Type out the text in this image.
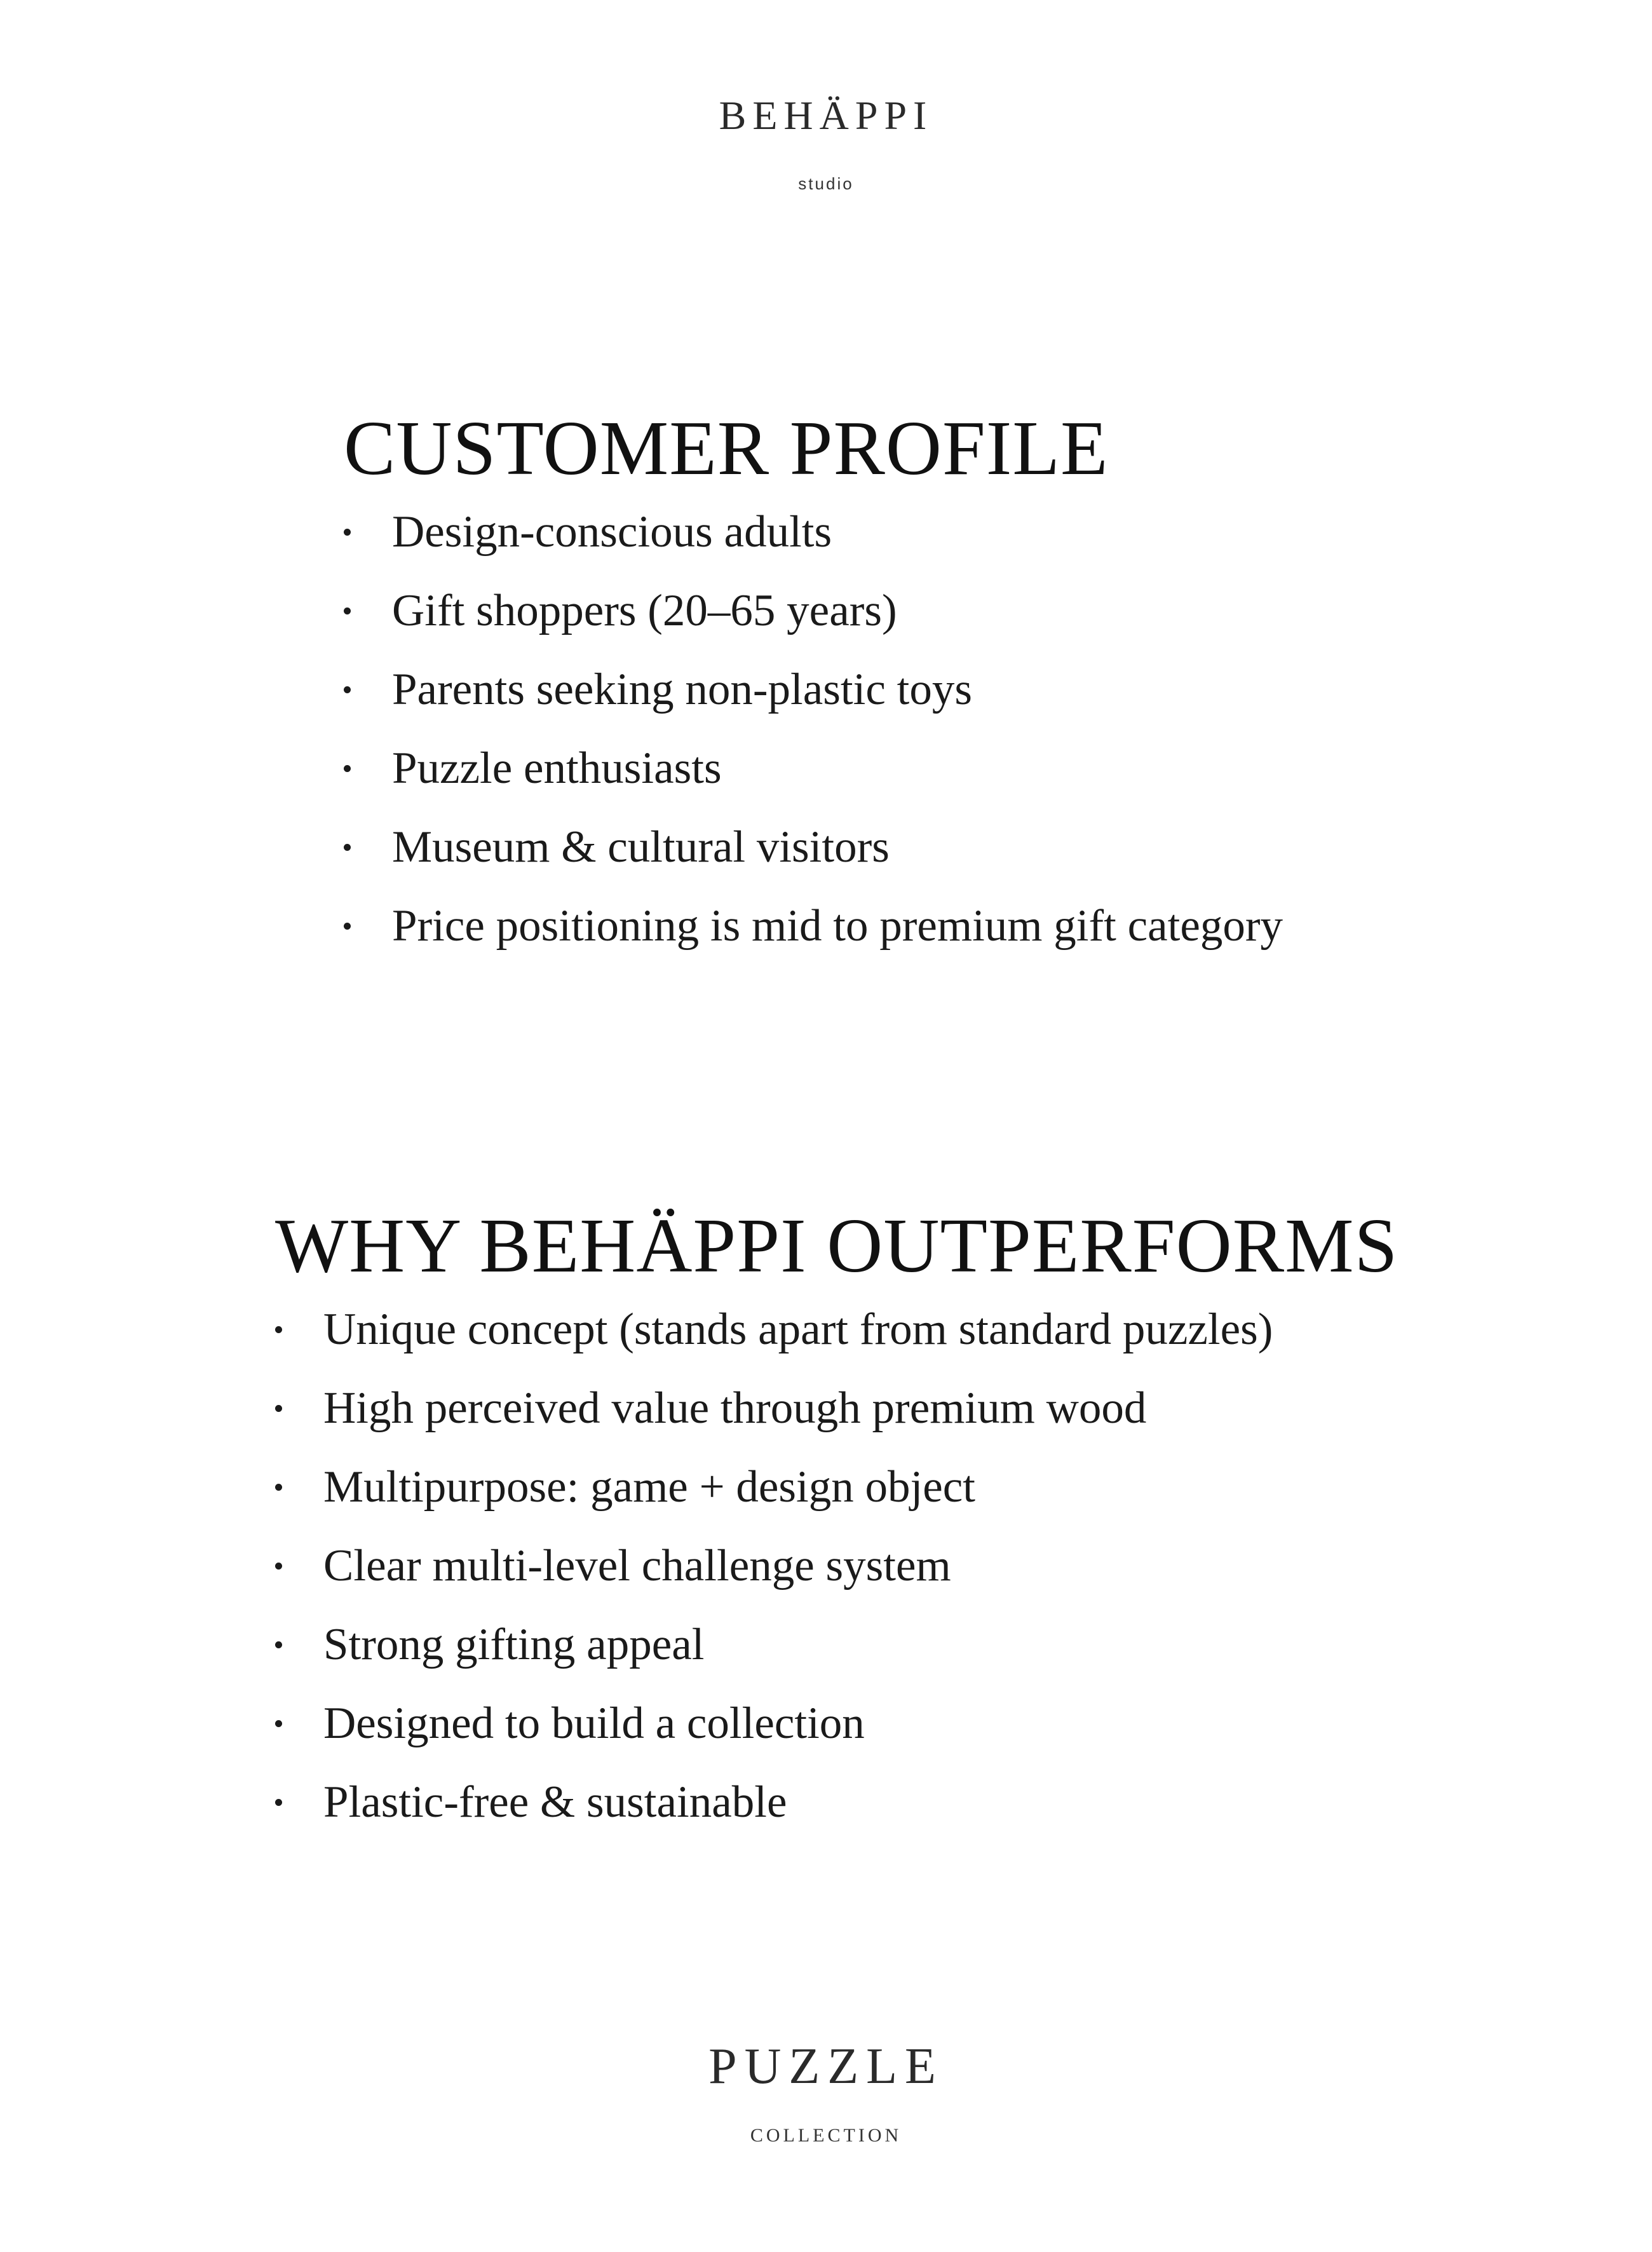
BEHÄPPI
studio
CUSTOMER PROFILE
Design-conscious adults
Gift shoppers (20–65 years)
Parents seeking non-plastic toys
Puzzle enthusiasts
Museum & cultural visitors
Price positioning is mid to premium gift category
WHY BEHÄPPI OUTPERFORMS
Unique concept (stands apart from standard puzzles)
High perceived value through premium wood
Multipurpose: game + design object
Clear multi-level challenge system
Strong gifting appeal
Designed to build a collection
Plastic-free & sustainable
PUZZLE
COLLECTION
